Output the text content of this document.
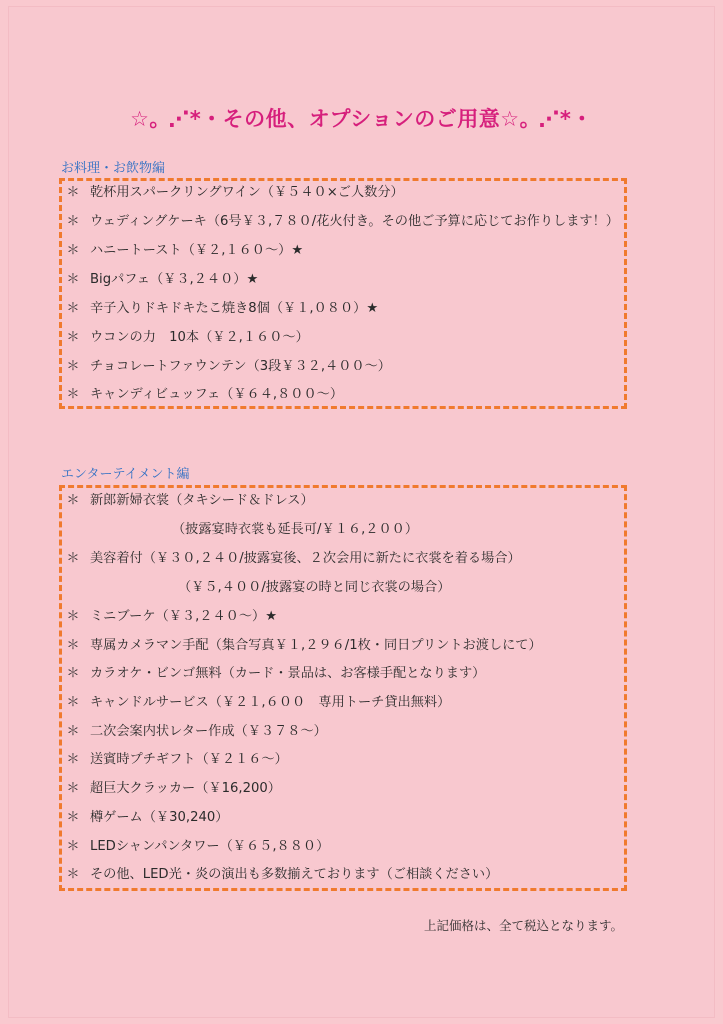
☆｡ ⋰*・その他、オプションのご用意☆｡ ⋰*・
お料理・お飲物編
＊ 乾杯用スパークリングワイン（￥５４０×ご人数分）
＊ ウェディングケーキ（6号￥３,７８０/花火付き。その他ご予算に応じてお作りします！）
＊ ハニートースト（￥２,１６０～）★
＊ Bigパフェ（￥３,２４０）★
＊ 辛子入りドキドキたこ焼き8個（￥１,０８０）★
＊ ウコンの力　10本（￥２,１６０～）
＊ チョコレートファウンテン（3段￥３２,４００～）
＊ キャンディビュッフェ（￥６４,８００～）
エンターテイメント編
＊ 新郎新婦衣裳（タキシード＆ドレス）
（披露宴時衣裳も延長可/￥１６,２００）
＊ 美容着付（￥３０,２４０/披露宴後、２次会用に新たに衣裳を着る場合）
（￥５,４００/披露宴の時と同じ衣裳の場合）
＊ ミニブーケ（￥３,２４０～）★
＊ 専属カメラマン手配（集合写真￥１,２９６/1枚・同日プリントお渡しにて）
＊ カラオケ・ビンゴ無料（カード・景品は、お客様手配となります）
＊ キャンドルサービス（￥２１,６００　専用トーチ貸出無料）
＊ 二次会案内状レター作成（￥３７８～）
＊ 送賓時プチギフト（￥２１６～）
＊ 超巨大クラッカー（￥16,200）
＊ 樽ゲーム（￥30,240）
＊ LEDシャンパンタワー（￥６５,８８０）
＊ その他、LED光・炎の演出も多数揃えております（ご相談ください）
上記価格は、全て税込となります。
